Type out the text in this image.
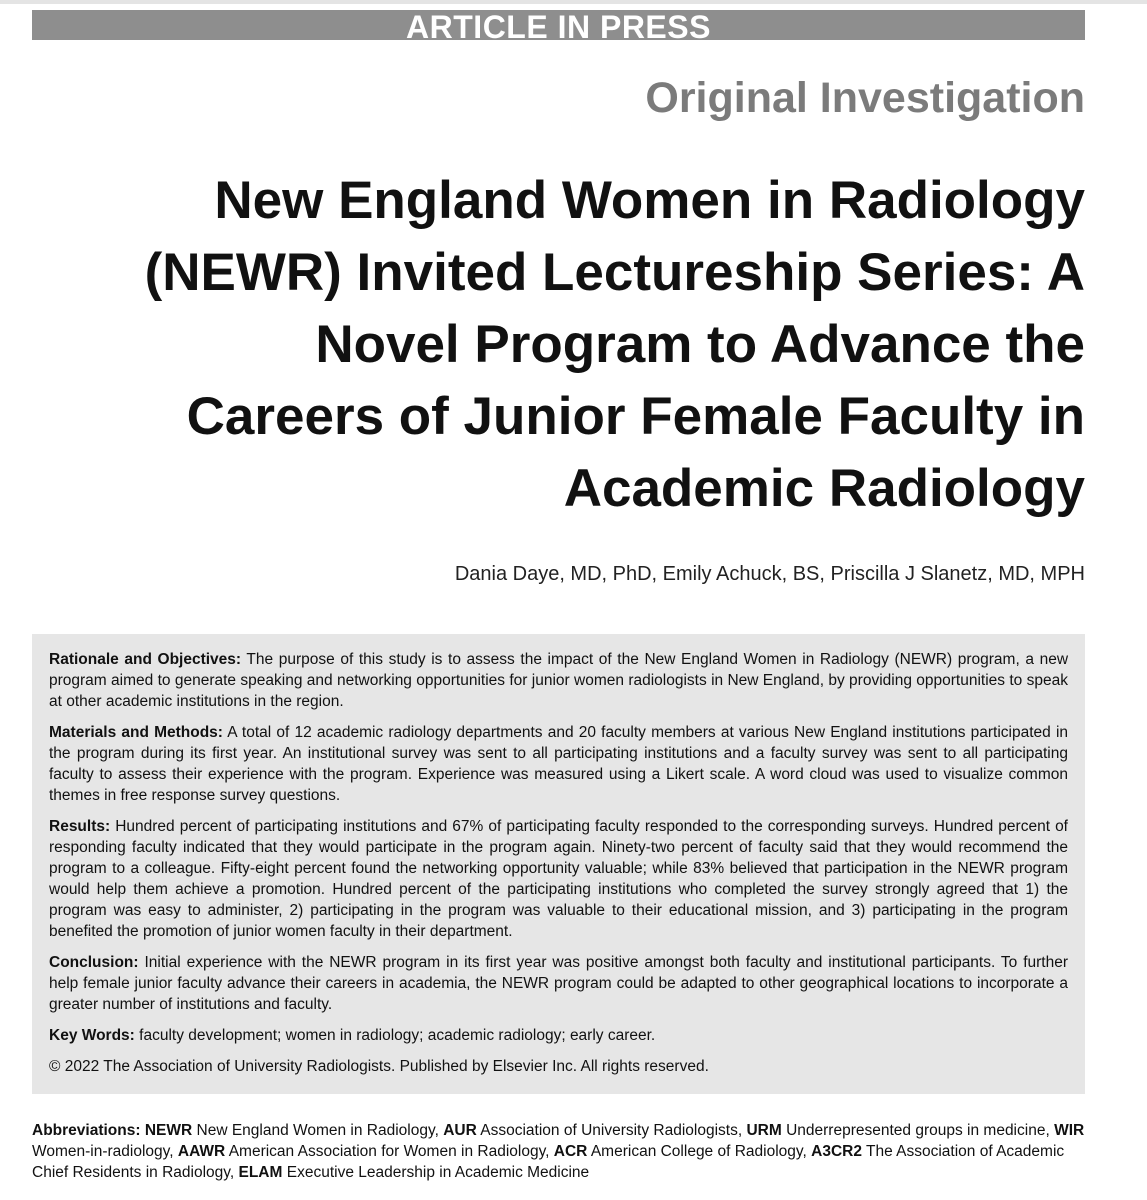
ARTICLE IN PRESS
Original Investigation
New England Women in Radiology
(NEWR) Invited Lectureship Series: A
Novel Program to Advance the
Careers of Junior Female Faculty in
Academic Radiology
Dania Daye, MD, PhD, Emily Achuck, BS, Priscilla J Slanetz, MD, MPH

Rationale and Objectives: The purpose of this study is to assess the impact of the New England Women in Radiology (NEWR) program, a new program aimed to generate speaking and networking opportunities for junior women radiologists in New England, by providing opportunities to speak at other academic institutions in the region.

Materials and Methods: A total of 12 academic radiology departments and 20 faculty members at various New England institutions participated in the program during its first year. An institutional survey was sent to all participating institutions and a faculty survey was sent to all participating faculty to assess their experience with the program. Experience was measured using a Likert scale. A word cloud was used to visualize common themes in free response survey questions.

Results: Hundred percent of participating institutions and 67% of participating faculty responded to the corresponding surveys. Hundred percent of responding faculty indicated that they would participate in the program again. Ninety-two percent of faculty said that they would recommend the program to a colleague. Fifty-eight percent found the networking opportunity valuable; while 83% believed that participation in the NEWR program would help them achieve a promotion. Hundred percent of the participating institutions who completed the survey strongly agreed that 1) the program was easy to administer, 2) participating in the program was valuable to their educational mission, and 3) participating in the program benefited the promotion of junior women faculty in their department.

Conclusion: Initial experience with the NEWR program in its first year was positive amongst both faculty and institutional participants. To further help female junior faculty advance their careers in academia, the NEWR program could be adapted to other geographical locations to incorporate a greater number of institutions and faculty.

Key Words: faculty development; women in radiology; academic radiology; early career.

© 2022 The Association of University Radiologists. Published by Elsevier Inc. All rights reserved.

Abbreviations: NEWR New England Women in Radiology, AUR Association of University Radiologists, URM Underrepresented groups in medicine, WIR Women-in-radiology, AAWR American Association for Women in Radiology, ACR American College of Radiology, A3CR2 The Association of Academic Chief Residents in Radiology, ELAM Executive Leadership in Academic Medicine
